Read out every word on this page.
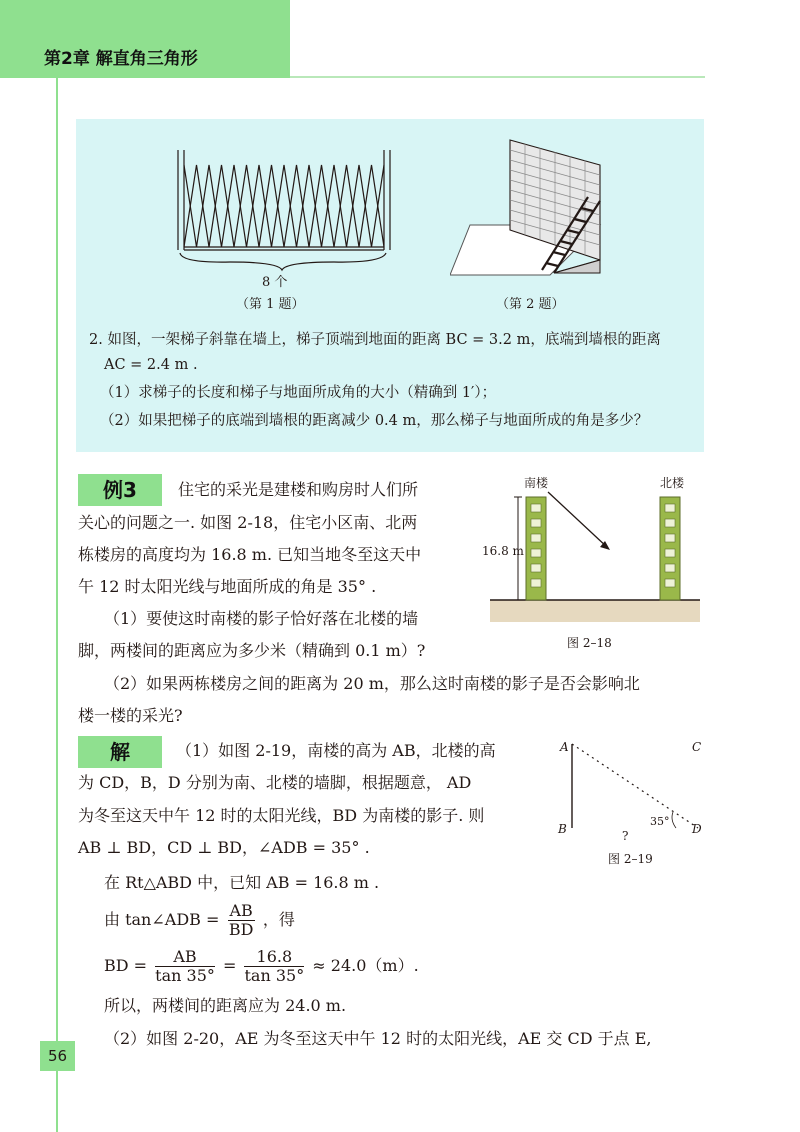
第2章 解直角三角形
8 个
（第 1 题）	（第 2 题）
2. 如图，一架梯子斜靠在墙上，梯子顶端到地面的距离 BC = 3.2 m，底端到墙根的距离
AC = 2.4 m .
（1）求梯子的长度和梯子与地面所成角的大小（精确到 1′）；
（2）如果把梯子的底端到墙根的距离减少 0.4 m，那么梯子与地面所成的角是多少？
例3	住宅的采光是建楼和购房时人们所
关心的问题之一. 如图 2-18，住宅小区南、北两
栋楼房的高度均为 16.8 m. 已知当地冬至这天中
午 12 时太阳光线与地面所成的角是 35° .
（1）要使这时南楼的影子恰好落在北楼的墙
脚，两楼间的距离应为多少米（精确到 0.1 m）?
（2）如果两栋楼房之间的距离为 20 m，那么这时南楼的影子是否会影响北
楼一楼的采光?
南楼	北楼
16.8 m
图 2–18
解	（1）如图 2-19，南楼的高为 AB，北楼的高
为 CD，B，D 分别为南、北楼的墙脚，根据题意， AD
为冬至这天中午 12 时的太阳光线，BD 为南楼的影子. 则
AB ⊥ BD，CD ⊥ BD，∠ADB = 35° .
在 Rt△ABD 中，已知 AB = 16.8 m .
由 tan∠ADB = $\frac{AB}{BD}$ ，得
BD = $\frac{AB}{\tan 35^\circ} = \frac{16.8}{\tan 35^\circ} \approx 24.0(m)$.
所以，两楼间的距离应为 24.0 m.
（2）如图 2-20，AE 为冬至这天中午 12 时的太阳光线，AE 交 CD 于点 E,
A	C
B
35°
D
?
图 2–19
56
